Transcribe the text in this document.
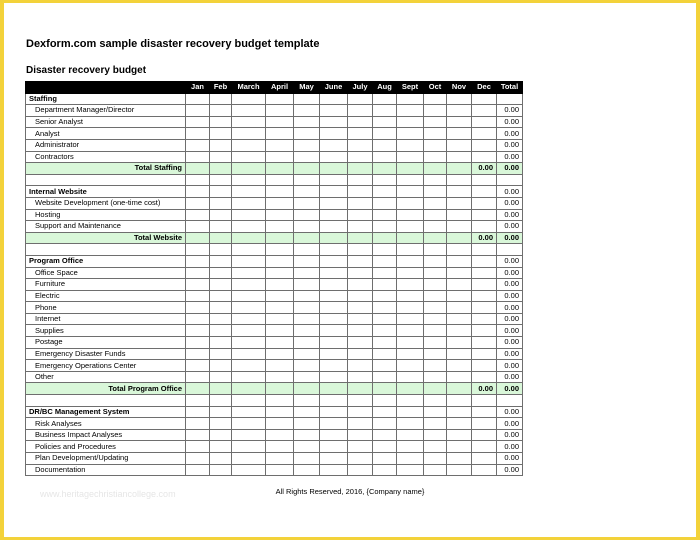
Dexform.com sample disaster recovery budget template
Disaster recovery budget
	Jan	Feb	March	April	May	June	July	Aug	Sept	Oct	Nov	Dec	Total
Staffing													
Department Manager/Director													0.00
Senior Analyst													0.00
Analyst													0.00
Administrator													0.00
Contractors													0.00
Total Staffing												0.00	0.00

Internal Website													0.00
Website Development (one-time cost)													0.00
Hosting													0.00
Support and Maintenance													0.00
Total Website												0.00	0.00

Program Office													0.00
Office Space													0.00
Furniture													0.00
Electric													0.00
Phone													0.00
Internet													0.00
Supplies													0.00
Postage													0.00
Emergency Disaster Funds													0.00
Emergency Operations Center													0.00
Other													0.00
Total Program Office												0.00	0.00

DR/BC Management System													0.00
Risk Analyses													0.00
Business Impact Analyses													0.00
Policies and Procedures													0.00
Plan Development/Updating													0.00
Documentation													0.00
www.heritagechristiancollege.com	All Rights Reserved, 2016, {Company name}
